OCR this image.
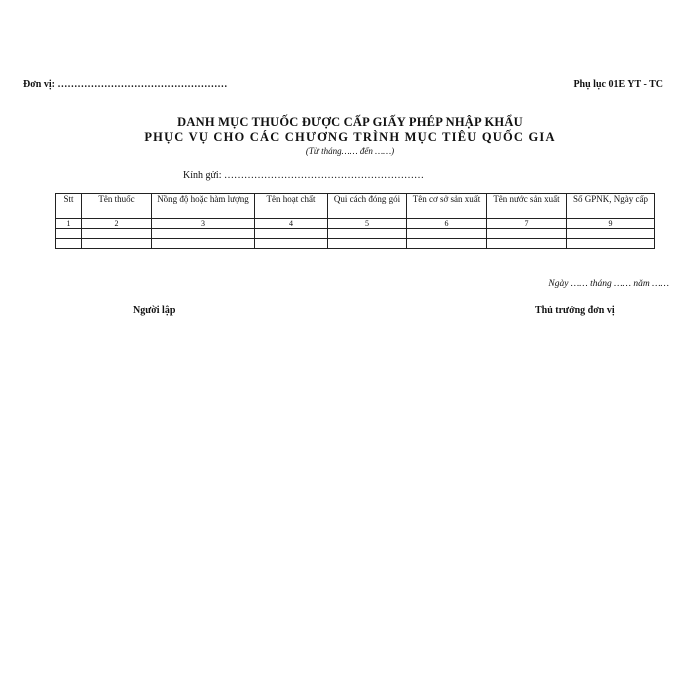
Đơn vị: ……………………………………………	Phụ lục 01E YT - TC
DANH MỤC THUỐC ĐƯỢC CẤP GIẤY PHÉP NHẬP KHẨU
PHỤC VỤ CHO CÁC CHƯƠNG TRÌNH MỤC TIÊU QUỐC GIA
(Từ tháng…… đến ……)
Kính gửi: ……………………………………………………
Stt	Tên thuốc	Nồng độ hoặc hàm lượng	Tên hoạt chất	Qui cách đóng gói	Tên cơ sở sản xuất	Tên nước sản xuất	Số GPNK, Ngày cấp
1	2	3	4	5	6	7	9

Ngày …… tháng …… năm ……
Người lập	Thủ trưởng đơn vị
